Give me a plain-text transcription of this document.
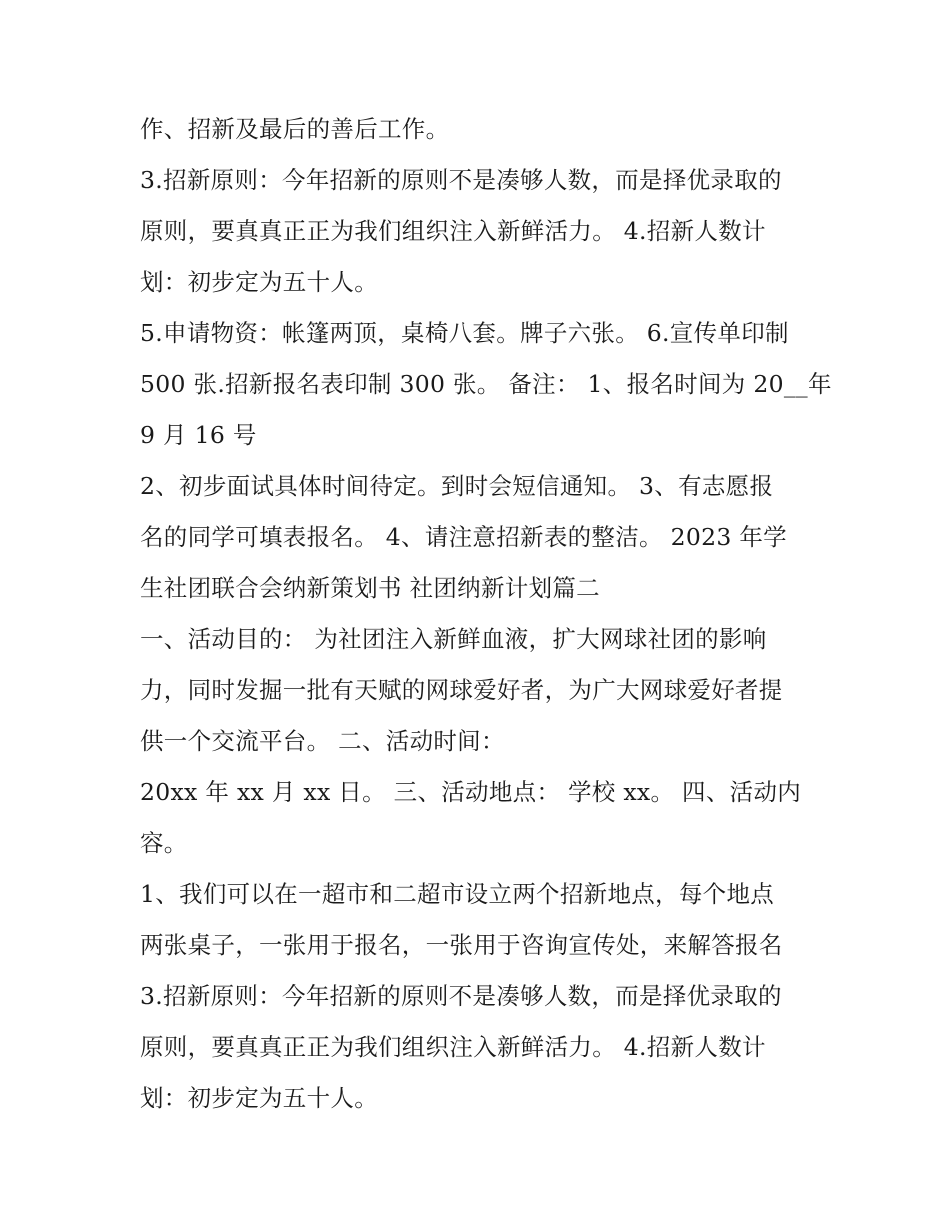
作、招新及最后的善后工作。
3.招新原则：今年招新的原则不是凑够人数，而是择优录取的
原则，要真真正正为我们组织注入新鲜活力。 4.招新人数计
划：初步定为五十人。
5.申请物资：帐篷两顶，桌椅八套。牌子六张。 6.宣传单印制
500 张.招新报名表印制 300 张。 备注： 1、报名时间为 20__年
9 月 16 号
2、初步面试具体时间待定。到时会短信通知。 3、有志愿报
名的同学可填表报名。 4、请注意招新表的整洁。 2023 年学
生社团联合会纳新策划书 社团纳新计划篇二
一、活动目的： 为社团注入新鲜血液，扩大网球社团的影响
力，同时发掘一批有天赋的网球爱好者，为广大网球爱好者提
供一个交流平台。 二、活动时间：
20xx 年 xx 月 xx 日。 三、活动地点： 学校 xx。 四、活动内
容。
1、我们可以在一超市和二超市设立两个招新地点，每个地点
两张桌子，一张用于报名，一张用于咨询宣传处，来解答报名
3.招新原则：今年招新的原则不是凑够人数，而是择优录取的
原则，要真真正正为我们组织注入新鲜活力。 4.招新人数计
划：初步定为五十人。
